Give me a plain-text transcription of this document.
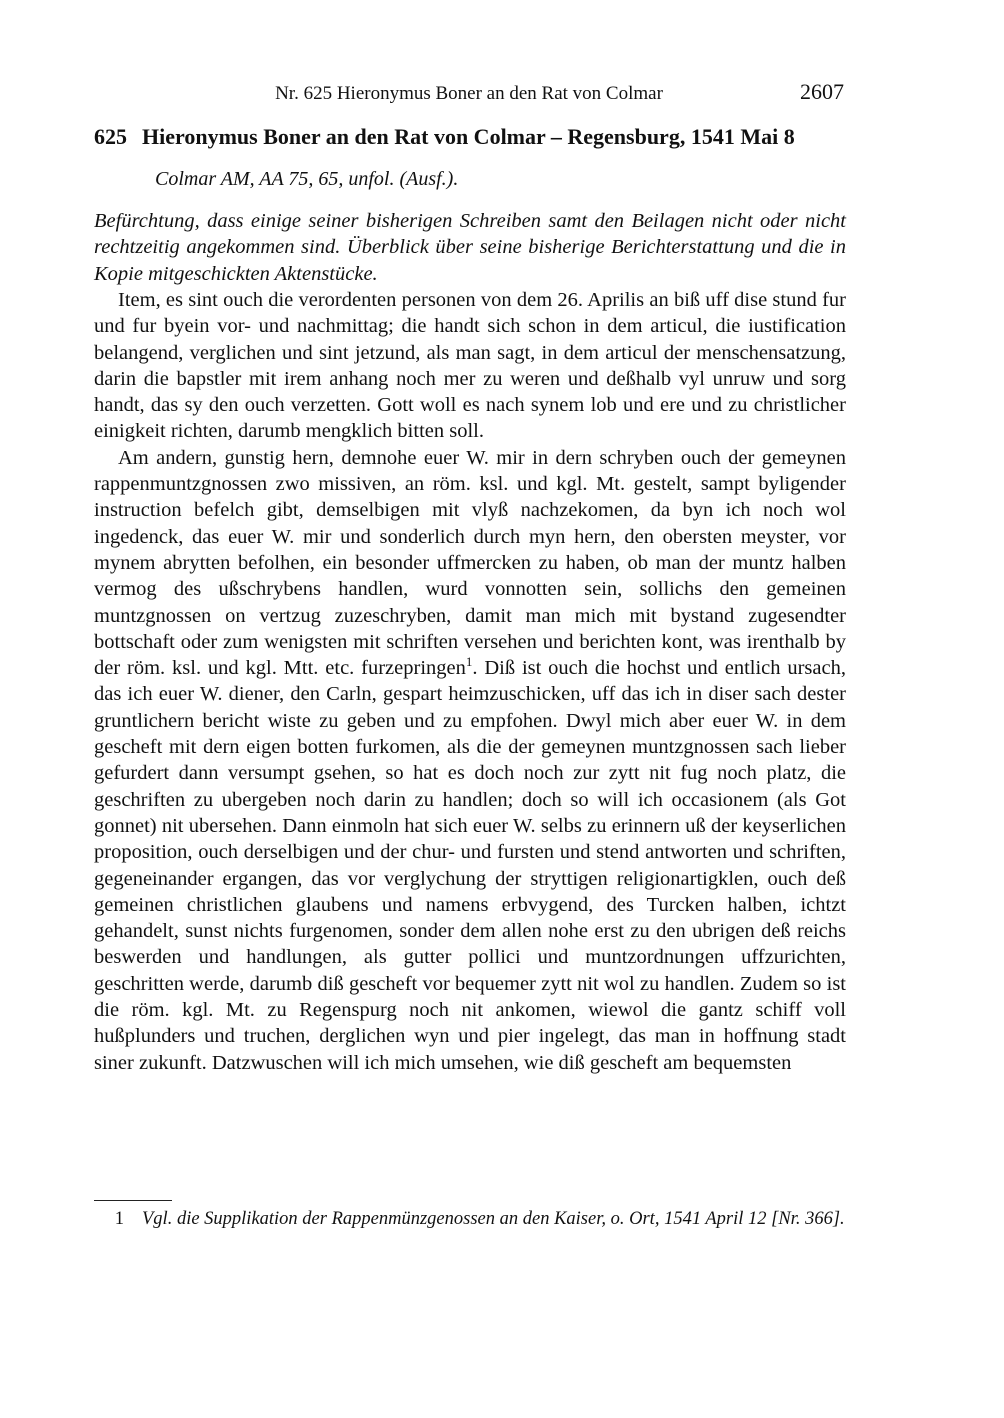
Nr. 625 Hieronymus Boner an den Rat von Colmar	2607
625 Hieronymus Boner an den Rat von Colmar – Regensburg, 1541 Mai 8
Colmar AM, AA 75, 65, unfol. (Ausf.).
Befürchtung, dass einige seiner bisherigen Schreiben samt den Beilagen nicht oder nicht rechtzeitig angekommen sind. Überblick über seine bisherige Berichterstattung und die in Kopie mitgeschickten Aktenstücke.

Item, es sint ouch die verordenten personen von dem 26. Aprilis an biß uff dise stund fur und fur byein vor- und nachmittag; die handt sich schon in dem articul, die iustification belangend, verglichen und sint jetzund, als man sagt, in dem articul der menschensatzung, darin die bapstler mit irem anhang noch mer zu weren und deßhalb vyl unruw und sorg handt, das sy den ouch verzetten. Gott woll es nach synem lob und ere und zu christlicher einigkeit richten, darumb mengklich bitten soll.

Am andern, gunstig hern, demnohe euer W. mir in dern schryben ouch der gemeynen rappenmuntzgnossen zwo missiven, an röm. ksl. und kgl. Mt. gestelt, sampt byligender instruction befelch gibt, demselbigen mit vlyß nachzekomen, da byn ich noch wol ingedenck, das euer W. mir und sonderlich durch myn hern, den obersten meyster, vor mynem abrytten befolhen, ein besonder uffmercken zu haben, ob man der muntz halben vermog des ußschrybens handlen, wurd vonnotten sein, sollichs den gemeinen muntzgnossen on vertzug zuzeschryben, damit man mich mit bystand zugesendter bottschaft oder zum wenigsten mit schriften versehen und berichten kont, was irenthalb by der röm. ksl. und kgl. Mtt. etc. furzepringen$^1$. Diß ist ouch die hochst und entlich ursach, das ich euer W. diener, den Carln, gespart heimzuschicken, uff das ich in diser sach dester gruntlichern bericht wiste zu geben und zu empfohen. Dwyl mich aber euer W. in dem gescheft mit dern eigen botten furkomen, als die der gemeynen muntzgnossen sach lieber gefurdert dann versumpt gsehen, so hat es doch noch zur zytt nit fug noch platz, die geschriften zu ubergeben noch darin zu handlen; doch so will ich occasionem (als Got gonnet) nit ubersehen. Dann einmoln hat sich euer W. selbs zu erinnern uß der keyserlichen proposition, ouch derselbigen und der chur- und fursten und stend antworten und schriften, gegeneinander ergangen, das vor verglychung der stryttigen religionartigklen, ouch deß gemeinen christlichen glaubens und namens erbvygend, des Turcken halben, ichtzt gehandelt, sunst nichts furgenomen, sonder dem allen nohe erst zu den ubrigen deß reichs beswerden und handlungen, als gutter pollici und muntzordnungen uffzurichten, geschritten werde, darumb diß gescheft vor bequemer zytt nit wol zu handlen. Zudem so ist die röm. kgl. Mt. zu Regenspurg noch nit ankomen, wiewol die gantz schiff voll hußplunders und truchen, derglichen wyn und pier ingelegt, das man in hoffnung stadt siner zukunft. Datzwuschen will ich mich umsehen, wie diß gescheft am bequemsten

1 Vgl. die Supplikation der Rappenmünzgenossen an den Kaiser, o. Ort, 1541 April 12 [Nr. 366].
